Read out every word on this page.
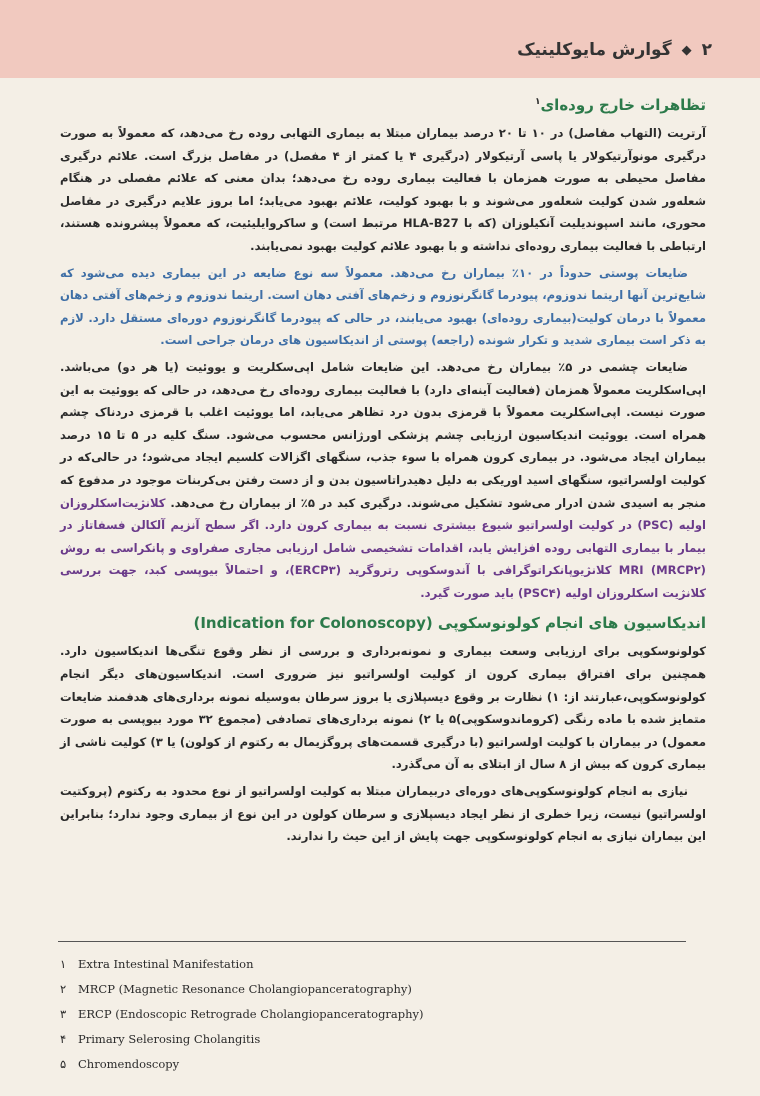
۲
◆
گوارش مایوکلینیک
تظاهرات خارج روده‌ای$^۱$

آرتریت (التهاب مفاصل) در ۱۰ تا ۲۰ درصد بیماران مبتلا به بیماری التهابی روده رخ می‌دهد، که معمولاً به صورت درگیری مونوآرتیکولار یا پاسی آرتیکولار (درگیری ۴ یا کمتر از ۴ مفصل) در مفاصل بزرگ است. علائم درگیری مفاصل محیطی به صورت همزمان با فعالیت بیماری روده رخ می‌دهد؛ بدان معنی که علائم مفصلی در هنگام شعله‌ور شدن کولیت شعله‌ور می‌شوند و با بهبود کولیت، علائم بهبود می‌یابد؛ اما بروز علایم درگیری در مفاصل محوری، مانند اسپوندیلیت آنکیلوزان (که با HLA-B27 مرتبط است) و ساکروایلیئیت، که معمولاً پیشرونده هستند، ارتباطی با فعالیت بیماری روده‌ای نداشته و با بهبود علائم کولیت بهبود نمی‌یابند.

ضایعات پوستی حدوداً در ۱۰٪ بیماران رخ می‌دهد. معمولاً سه نوع ضایعه در این بیماری دیده می‌شود که شایع‌ترین آنها اریتما ندوزوم، پیودرما گانگرنوزوم و زخم‌های آفتی دهان است. اریتما ندوزوم و زخم‌های آفتی دهان معمولاً با درمان کولیت(بیماری روده‌ای) بهبود می‌یابند، در حالی که پیودرما گانگرنوزوم دوره‌ای مستقل دارد. لازم به ذکر است بیماری شدید و تکرار شونده (راجعه) پوستی از اندیکاسیون های درمان جراحی است.

ضایعات چشمی در ۵٪ بیماران رخ می‌دهد. این ضایعات شامل اپی‌سکلریت و یووئیت (یا هر دو) می‌باشد. اپی‌اسکلریت معمولاً همزمان (فعالیت آینه‌ای دارد) با فعالیت بیماری روده‌ای رخ می‌دهد، در حالی که یووئیت به این صورت نیست. اپی‌اسکلریت معمولاً با قرمزی بدون درد تظاهر می‌یابد، اما یووئیت اغلب با قرمزی دردناک چشم همراه است. یووئیت اندیکاسیون ارزیابی چشم پزشکی اورژانس محسوب می‌شود. سنگ کلیه در ۵ تا ۱۵ درصد بیماران ایجاد می‌شود. در بیماری کرون همراه با سوء جذب، سنگهای اگزالات کلسیم ایجاد می‌شود؛ در حالی‌که در کولیت اولسراتیو، سنگهای اسید اوریکی به دلیل دهیدراتاسیون بدن و از دست رفتن بی‌کربنات موجود در مدفوع که منجر به اسیدی شدن ادرار می‌شود تشکیل می‌شوند. درگیری کبد در ۵٪ از بیماران رخ می‌دهد. کلانژیت‌اسکلروزان اولیه (PSC) در کولیت اولسراتیو شیوع بیشتری نسبت به بیماری کرون دارد. اگر سطح آنزیم آلکالن فسفاتاز در بیمار با بیماری التهابی روده افزایش یابد، اقدامات تشخیصی شامل ارزیابی مجاری صفراوی و پانکراسی به روش MRI (MRCP۲) کلانژیوپانکراتوگرافی با آندوسکوپی رتروگرید (ERCP۳)، و احتمالاً بیوپسی کبد، جهت بررسی کلانژیت اسکلروزان اولیه (PSC۴) باید صورت گیرد.

اندیکاسیون های انجام کولونوسکوپی (Indication for Colonoscopy)

کولونوسکوپی برای ارزیابی وسعت بیماری و نمونه‌برداری و بررسی از نظر وقوع تنگی‌ها اندیکاسیون دارد. همچنین برای افتراق بیماری کرون از کولیت اولسراتیو نیز ضروری است. اندیکاسیون‌های دیگر انجام کولونوسکوپی،عبارتند از: ۱) نظارت بر وقوع دیسپلازی یا بروز سرطان به‌وسیله نمونه برداری‌های هدفمند ضایعات متمایز شده با ماده رنگی (کروماندوسکوپی)۵ یا ۲) نمونه برداری‌های تصادفی (مجموع ۳۲ مورد بیوپسی به صورت معمول) در بیماران با کولیت اولسراتیو (با درگیری قسمت‌های پروگزیمال به رکتوم از کولون) یا ۳) کولیت ناشی از بیماری کرون که بیش از ۸ سال از ابتلای به آن می‌گذرد.

نیازی به انجام کولونوسکوپی‌های دوره‌ای دربیماران مبتلا به کولیت اولسراتیو از نوع محدود به رکتوم (پروکتیت اولسراتیو) نیست، زیرا خطری از نظر ایجاد دیسپلازی و سرطان کولون در این نوع از بیماری وجود ندارد؛ بنابراین این بیماران نیازی به انجام کولونوسکوپی جهت پایش از این حیث را ندارند.

۱	Extra Intestinal Manifestation
۲	MRCP (Magnetic Resonance Cholangiopanceratography)
۳	ERCP (Endoscopic Retrograde Cholangiopanceratography)
۴	Primary Selerosing Cholangitis
۵	Chromendoscopy
